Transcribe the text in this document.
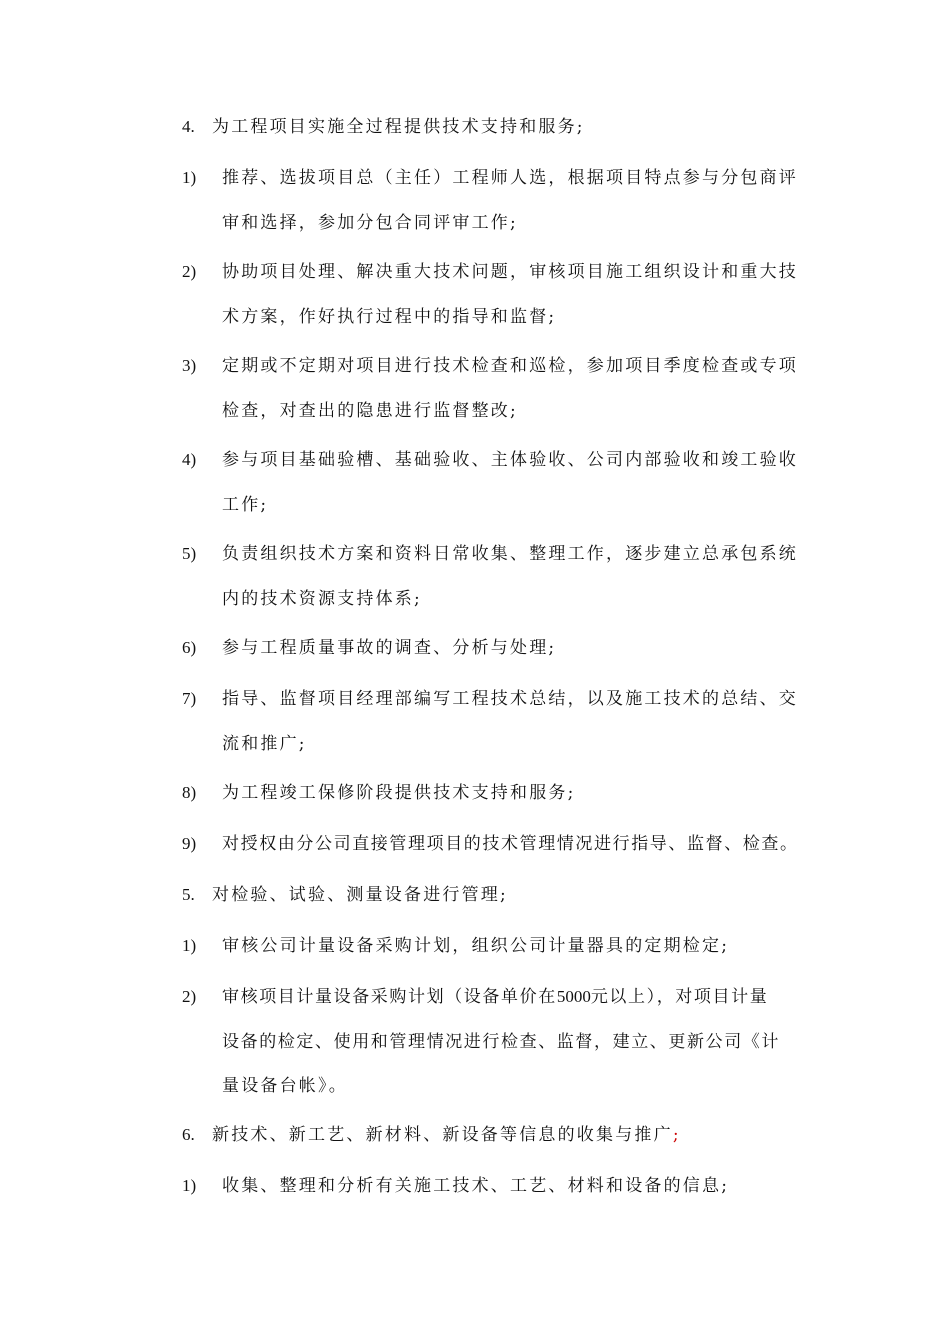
4. 为工程项目实施全过程提供技术支持和服务;
1) 推荐、选拔项目总（主任）工程师人选，根据项目特点参与分包商评
审和选择，参加分包合同评审工作;
2) 协助项目处理、解决重大技术问题，审核项目施工组织设计和重大技
术方案，作好执行过程中的指导和监督;
3) 定期或不定期对项目进行技术检查和巡检，参加项目季度检查或专项
检查，对查出的隐患进行监督整改;
4) 参与项目基础验槽、基础验收、主体验收、公司内部验收和竣工验收
工作;
5) 负责组织技术方案和资料日常收集、整理工作，逐步建立总承包系统
内的技术资源支持体系;
6) 参与工程质量事故的调查、分析与处理;
7) 指导、监督项目经理部编写工程技术总结，以及施工技术的总结、交
流和推广;
8) 为工程竣工保修阶段提供技术支持和服务;
9) 对授权由分公司直接管理项目的技术管理情况进行指导、监督、检查。
5. 对检验、试验、测量设备进行管理;
1) 审核公司计量设备采购计划，组织公司计量器具的定期检定;
2) 审核项目计量设备采购计划（设备单价在5000元以上），对项目计量
设备的检定、使用和管理情况进行检查、监督，建立、更新公司《计
量设备台帐》。
6. 新技术、新工艺、新材料、新设备等信息的收集与推广;
1) 收集、整理和分析有关施工技术、工艺、材料和设备的信息;
